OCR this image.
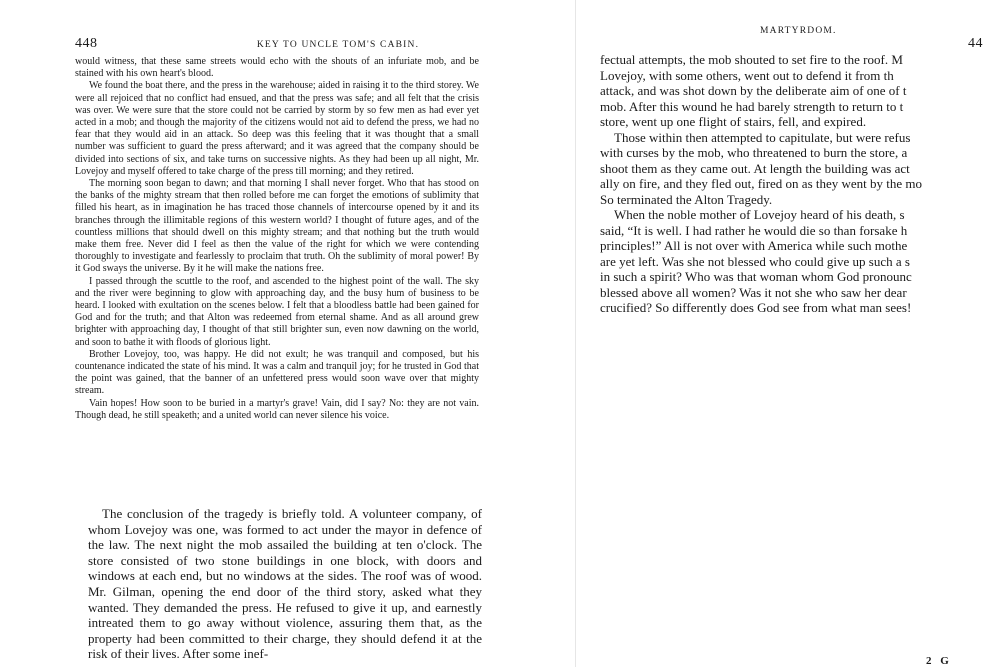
448	KEY TO UNCLE TOM'S CABIN.

would witness, that these same streets would echo with the shouts of an infuriate mob, and be stained with his own heart's blood.

We found the boat there, and the press in the warehouse; aided in raising it to the third storey. We were all rejoiced that no conflict had ensued, and that the press was safe; and all felt that the crisis was over. We were sure that the store could not be carried by storm by so few men as had ever yet acted in a mob; and though the majority of the citizens would not aid to defend the press, we had no fear that they would aid in an attack. So deep was this feeling that it was thought that a small number was sufficient to guard the press afterward; and it was agreed that the company should be divided into sections of six, and take turns on successive nights. As they had been up all night, Mr. Lovejoy and myself offered to take charge of the press till morning; and they retired.

The morning soon began to dawn; and that morning I shall never forget. Who that has stood on the banks of the mighty stream that then rolled before me can forget the emotions of sublimity that filled his heart, as in imagination he has traced those channels of intercourse opened by it and its branches through the illimitable regions of this western world? I thought of future ages, and of the countless millions that should dwell on this mighty stream; and that nothing but the truth would make them free. Never did I feel as then the value of the right for which we were contending thoroughly to investigate and fearlessly to proclaim that truth. Oh the sublimity of moral power! By it God sways the universe. By it he will make the nations free.

I passed through the scuttle to the roof, and ascended to the highest point of the wall. The sky and the river were beginning to glow with approaching day, and the busy hum of business to be heard. I looked with exultation on the scenes below. I felt that a bloodless battle had been gained for God and for the truth; and that Alton was redeemed from eternal shame. And as all around grew brighter with approaching day, I thought of that still brighter sun, even now dawning on the world, and soon to bathe it with floods of glorious light.

Brother Lovejoy, too, was happy. He did not exult; he was tranquil and composed, but his countenance indicated the state of his mind. It was a calm and tranquil joy; for he trusted in God that the point was gained, that the banner of an unfettered press would soon wave over that mighty stream.

Vain hopes! How soon to be buried in a martyr's grave! Vain, did I say? No: they are not vain. Though dead, he still speaketh; and a united world can never silence his voice.

The conclusion of the tragedy is briefly told. A volunteer company, of whom Lovejoy was one, was formed to act under the mayor in defence of the law. The next night the mob assailed the building at ten o'clock. The store consisted of two stone buildings in one block, with doors and windows at each end, but no windows at the sides. The roof was of wood. Mr. Gilman, opening the end door of the third story, asked what they wanted. They demanded the press. He refused to give it up, and earnestly intreated them to go away without violence, assuring them that, as the property had been committed to their charge, they should defend it at the risk of their lives. After some inef-

MARTYRDOM.
44

fectual attempts, the mob shouted to set fire to the roof. M
Lovejoy, with some others, went out to defend it from th
attack, and was shot down by the deliberate aim of one of t
mob. After this wound he had barely strength to return to t
store, went up one flight of stairs, fell, and expired.

Those within then attempted to capitulate, but were refus
with curses by the mob, who threatened to burn the store, a
shoot them as they came out. At length the building was act
ally on fire, and they fled out, fired on as they went by the mo
So terminated the Alton Tragedy.

When the noble mother of Lovejoy heard of his death, s
said, “It is well. I had rather he would die so than forsake h
principles!” All is not over with America while such mothe
are yet left. Was she not blessed who could give up such a s
in such a spirit? Who was that woman whom God pronounc
blessed above all women? Was it not she who saw her dear
crucified? So differently does God see from what man sees!

2 G
